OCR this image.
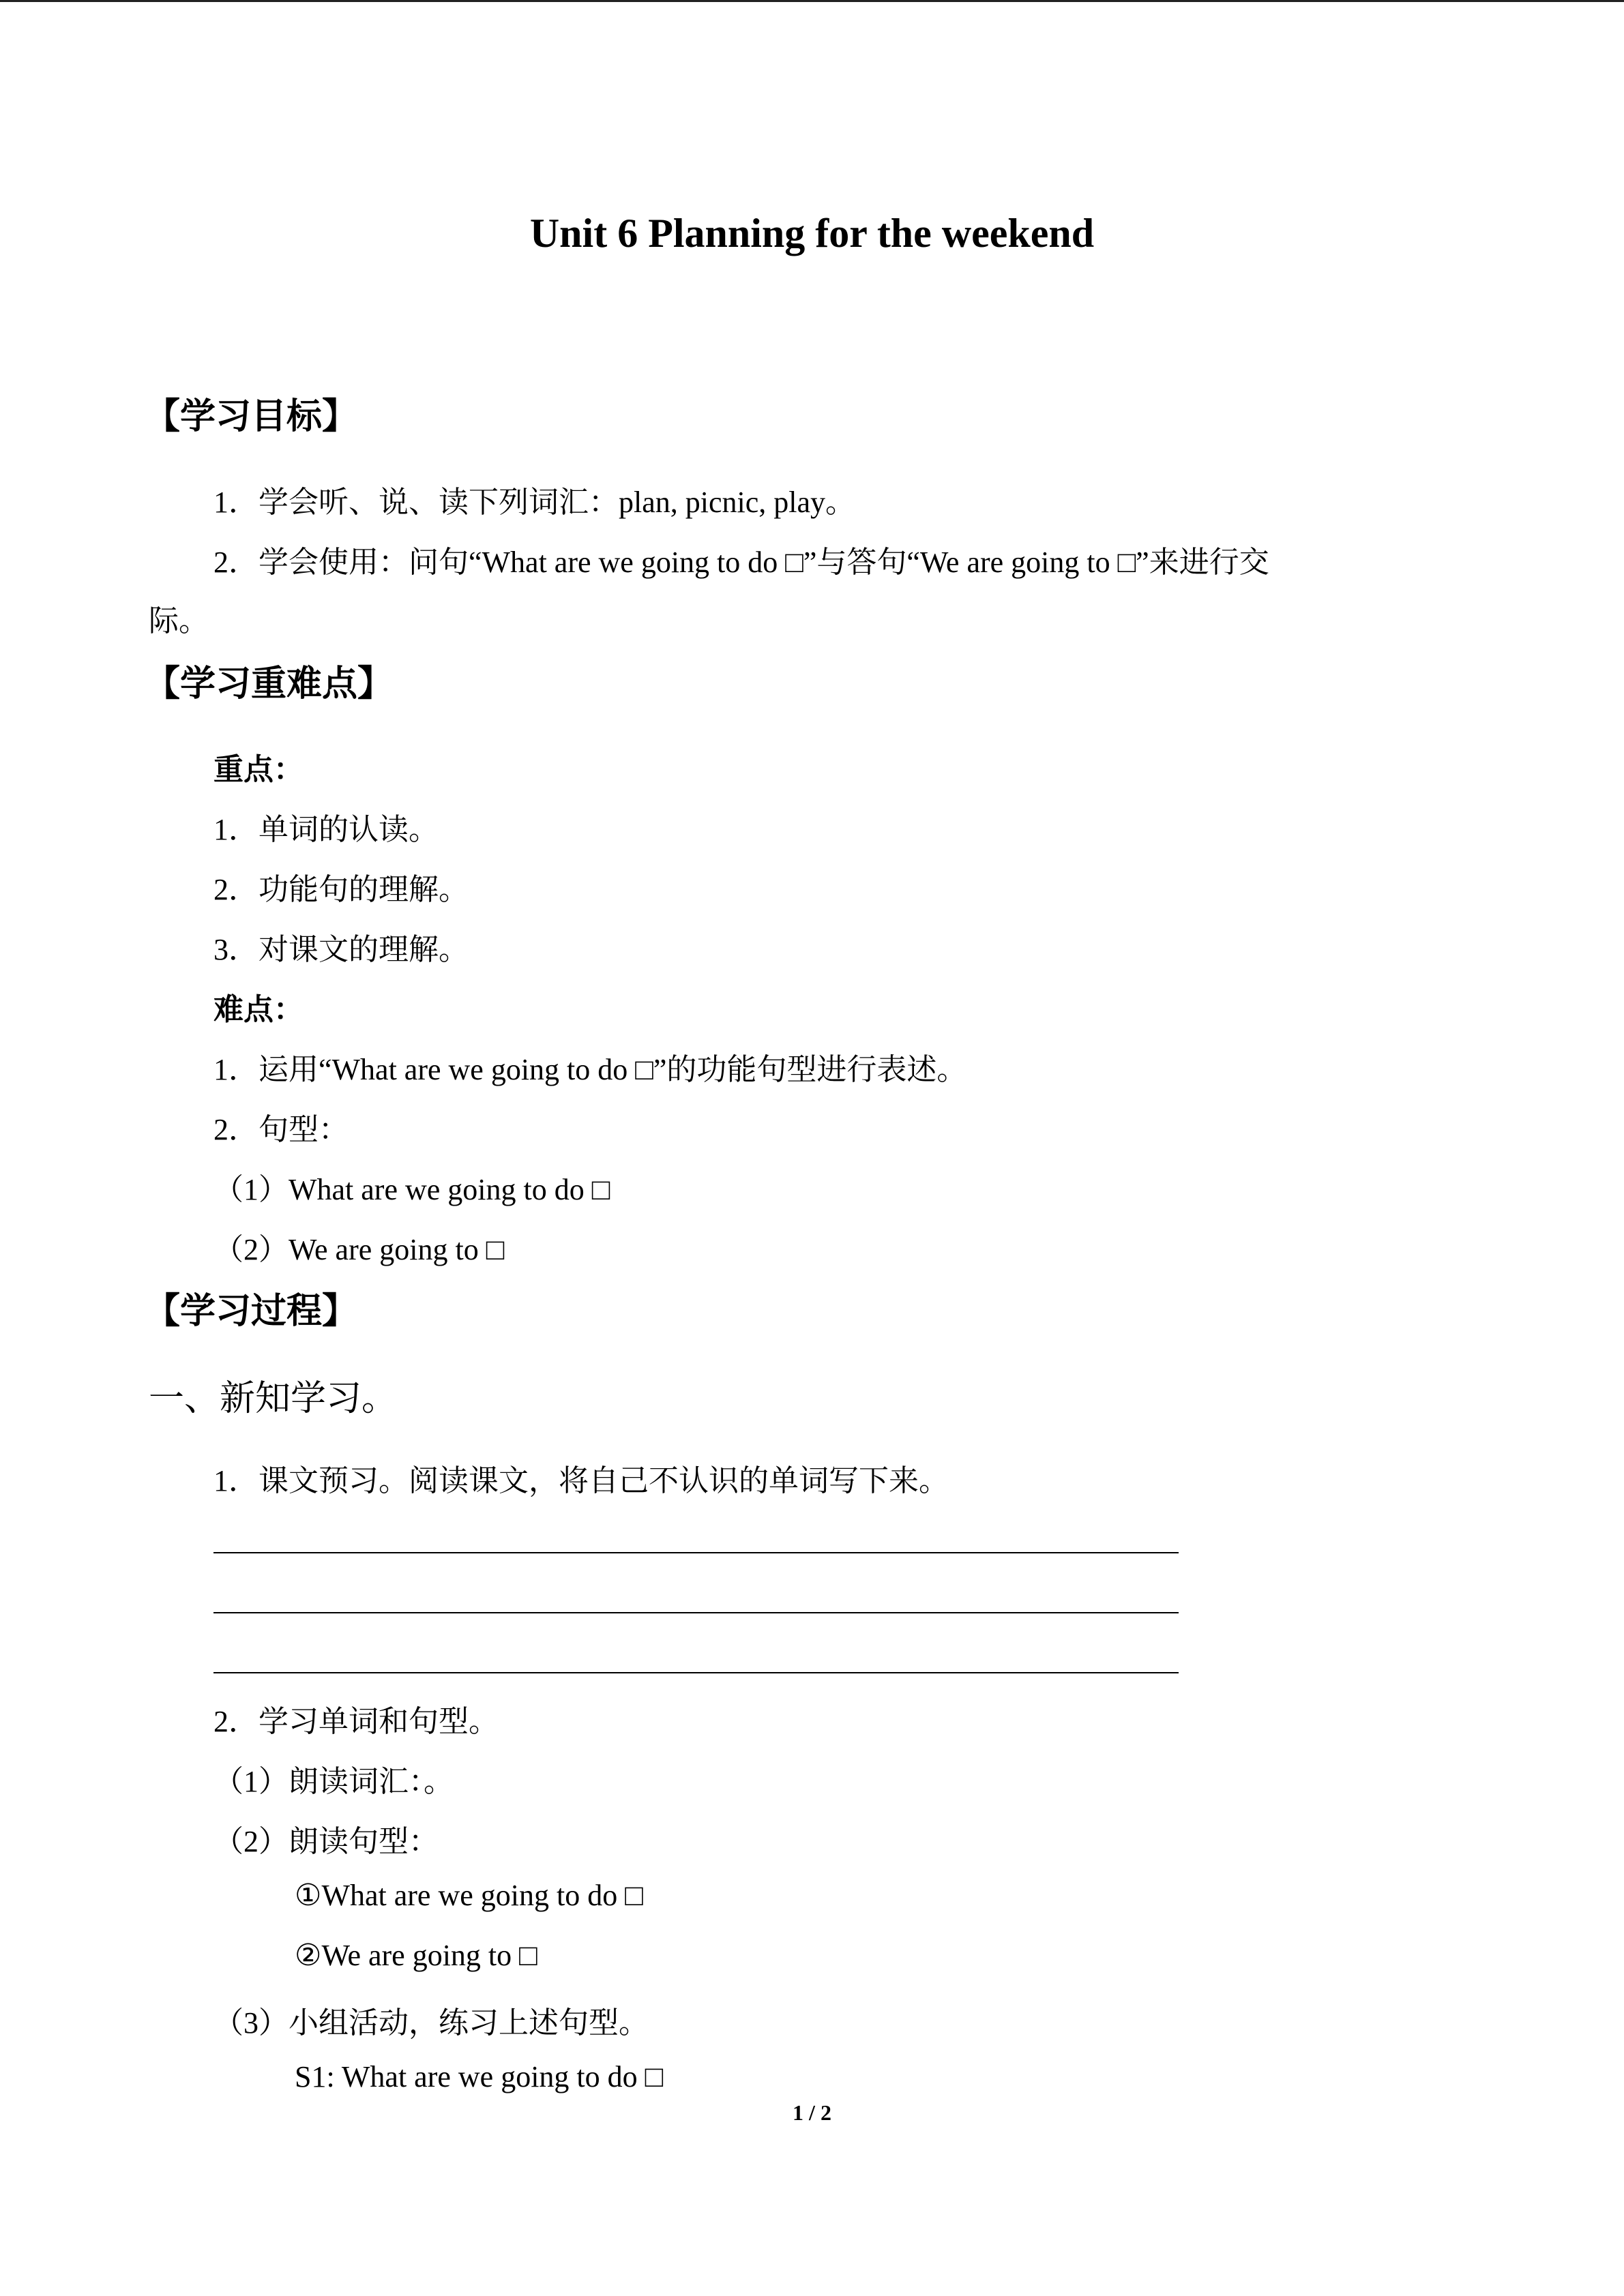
Unit 6 Planning for the weekend
【学习目标】
1．学会听、说、读下列词汇：plan, picnic, play。
2．学会使用：问句“What are we going to do □”与答句“We are going to □”来进行交
际。
【学习重难点】
重点：
1．单词的认读。
2．功能句的理解。
3．对课文的理解。
难点：
1．运用“What are we going to do □”的功能句型进行表述。
2．句型：
（1）What are we going to do □
（2）We are going to □
【学习过程】
一、新知学习。
1．课文预习。阅读课文，将自己不认识的单词写下来。
2．学习单词和句型。
（1）朗读词汇：。
（2）朗读句型：
①What are we going to do □
②We are going to □
（3）小组活动，练习上述句型。
S1: What are we going to do □
1 / 2
